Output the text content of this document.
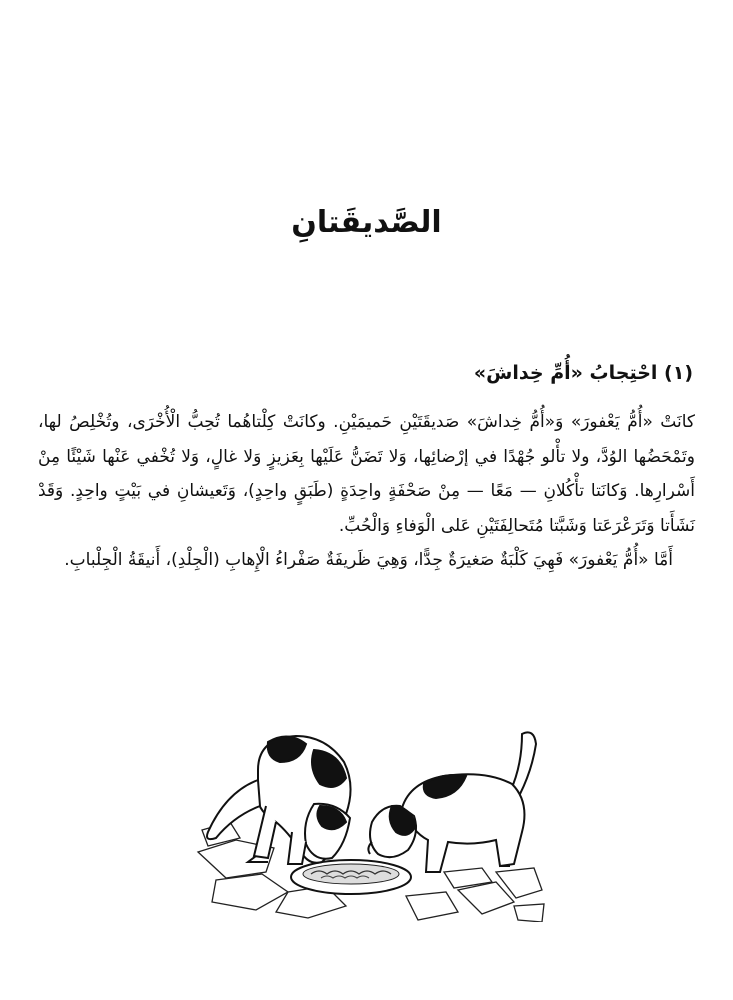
الصَّديقَتانِ
(١) احْتِجابُ «أُمِّ خِداشَ»

كانَتْ «أُمُّ يَعْفورَ» وَ«أُمُّ خِداشَ» صَديقَتَيْنِ حَميمَيْنِ. وكانَتْ كِلْتاهُما تُحِبُّ الْأُخْرَى، وتُخْلِصُ لها، وتَمْحَضُها الوُدَّ، ولا تأْلو جُهْدًا في إرْضائِها، وَلا تَضَنُّ عَلَيْها بِعَزيزٍ وَلا غالٍ، وَلا تُخْفي عَنْها شَيْئًا مِنْ أَسْرارِها. وَكانَتا تأْكُلانِ — مَعًا — مِنْ صَحْفَةٍ واحِدَةٍ (طَبَقٍ واحِدٍ)، وَتَعيشانِ في بَيْتٍ واحِدٍ. وَقَدْ نَشَأَتا وَتَرَعْرَعَتا وَشَبَّتا مُتَحالِفَتَيْنِ عَلى الْوَفاءِ وَالْحُبِّ.

أَمَّا «أُمُّ يَعْفورَ» فَهِيَ كَلْبَةٌ صَغيرَةٌ جِدًّا، وَهِيَ ظَريفَةٌ صَفْراءُ الْإِهابِ (الْجِلْدِ)، أَنيقَةُ الْجِلْبابِ.
